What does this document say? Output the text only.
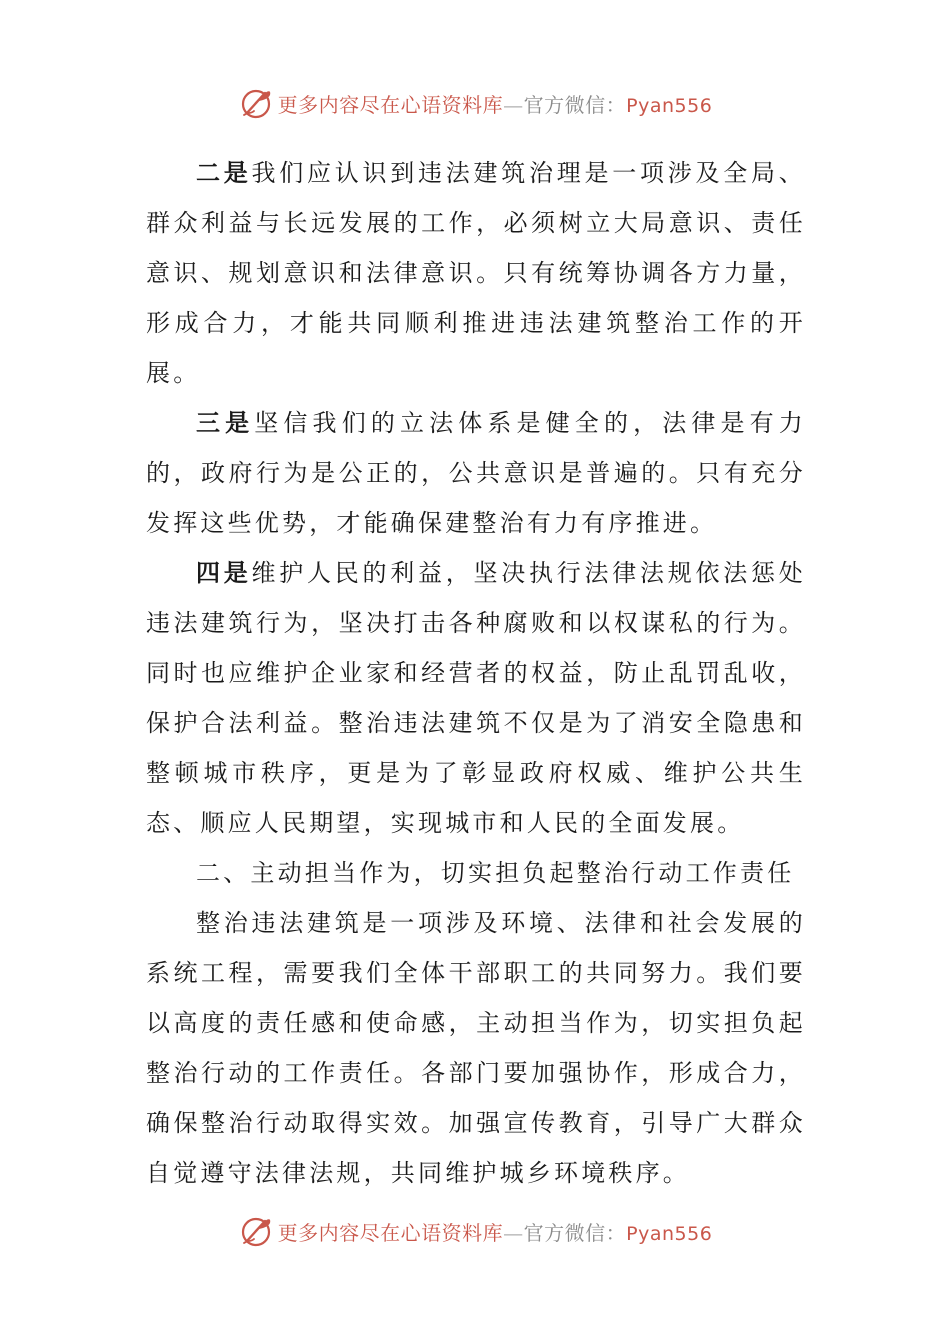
更多内容尽在心语资料库—官方微信：Pyan556

二是我们应认识到违法建筑治理是一项涉及全局、群众利益与长远发展的工作，必须树立大局意识、责任意识、规划意识和法律意识。只有统筹协调各方力量，形成合力，才能共同顺利推进违法建筑整治工作的开展。

三是坚信我们的立法体系是健全的，法律是有力的，政府行为是公正的，公共意识是普遍的。只有充分发挥这些优势，才能确保建整治有力有序推进。

四是维护人民的利益，坚决执行法律法规依法惩处违法建筑行为，坚决打击各种腐败和以权谋私的行为。同时也应维护企业家和经营者的权益，防止乱罚乱收，保护合法利益。整治违法建筑不仅是为了消安全隐患和整顿城市秩序，更是为了彰显政府权威、维护公共生态、顺应人民期望，实现城市和人民的全面发展。

二、主动担当作为，切实担负起整治行动工作责任

整治违法建筑是一项涉及环境、法律和社会发展的系统工程，需要我们全体干部职工的共同努力。我们要以高度的责任感和使命感，主动担当作为，切实担负起整治行动的工作责任。各部门要加强协作，形成合力，确保整治行动取得实效。加强宣传教育，引导广大群众自觉遵守法律法规，共同维护城乡环境秩序。

更多内容尽在心语资料库—官方微信：Pyan556
